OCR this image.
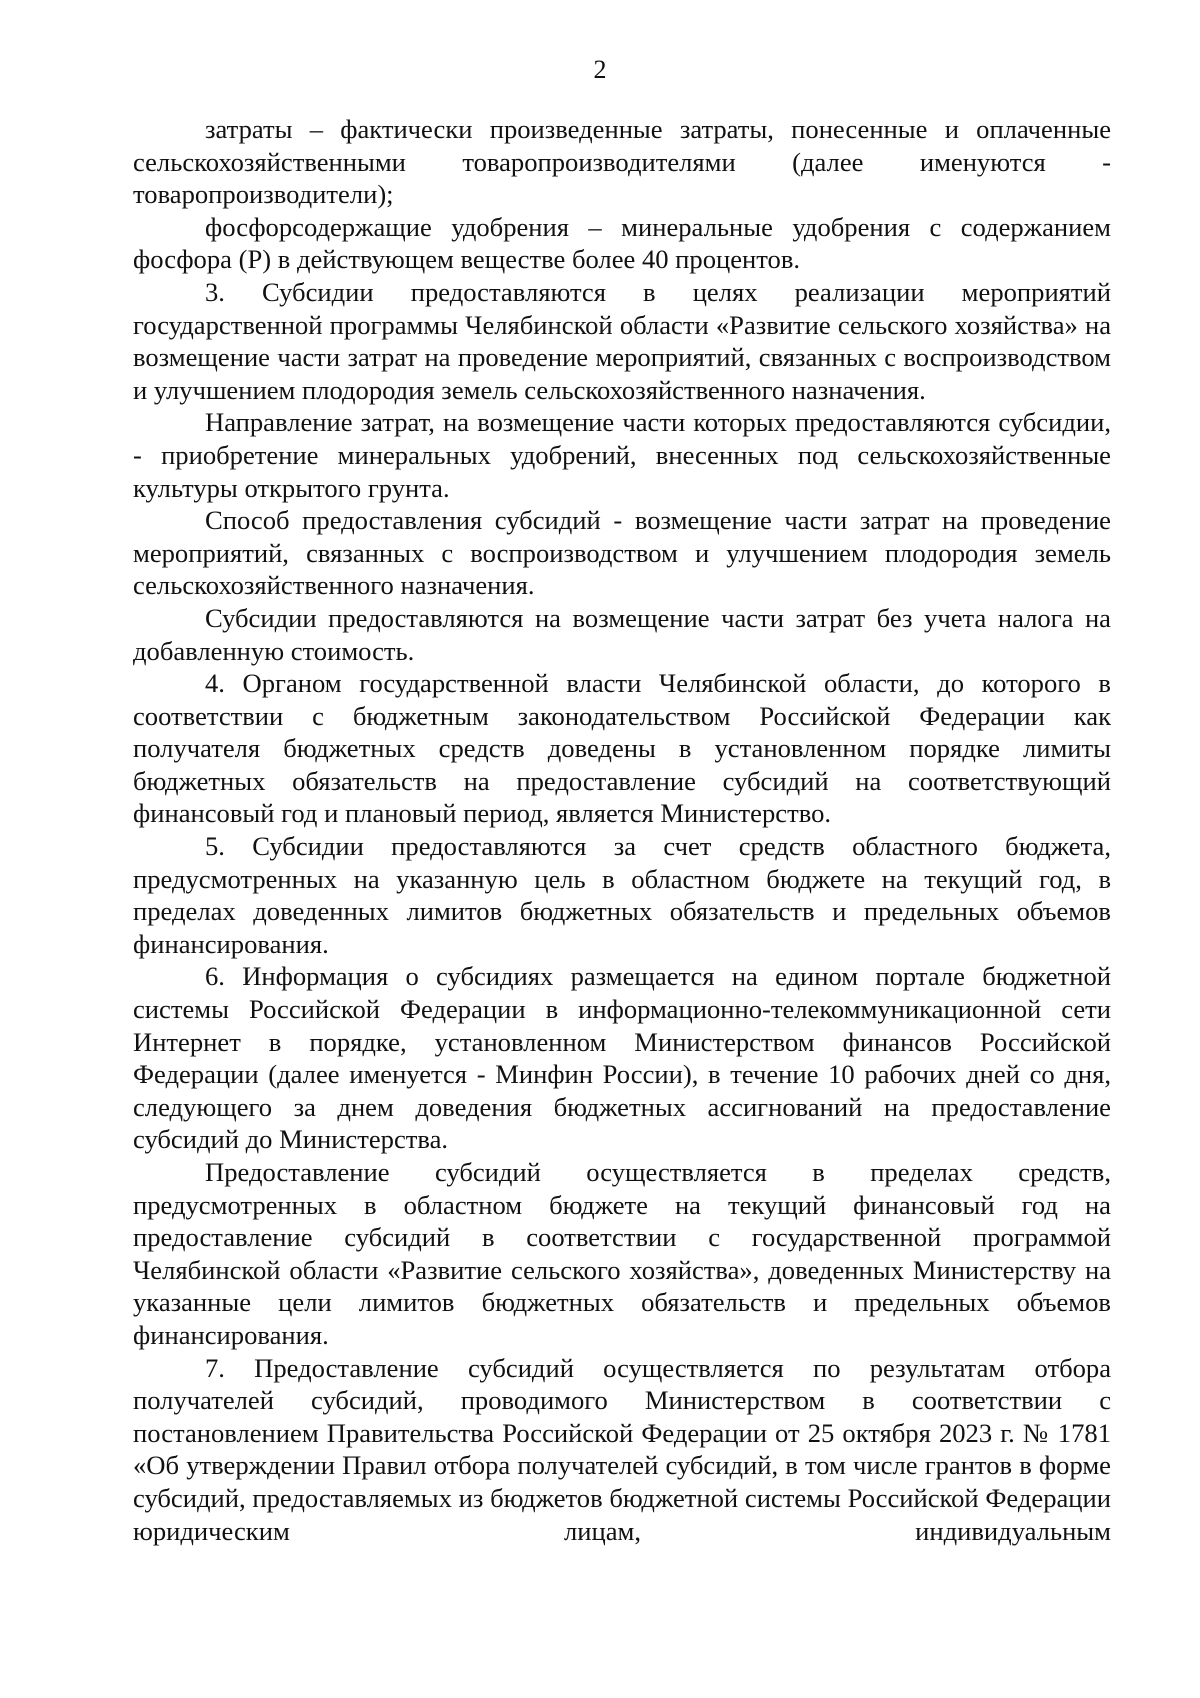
2

затраты – фактически произведенные затраты, понесенные и оплаченные сельскохозяйственными товаропроизводителями (далее именуются - товаропроизводители);

фосфорсодержащие удобрения – минеральные удобрения с содержанием фосфора (P) в действующем веществе более 40 процентов.

3. Субсидии предоставляются в целях реализации мероприятий государственной программы Челябинской области «Развитие сельского хозяйства» на возмещение части затрат на проведение мероприятий, связанных с воспроизводством и улучшением плодородия земель сельскохозяйственного назначения.

Направление затрат, на возмещение части которых предоставляются субсидии, - приобретение минеральных удобрений, внесенных под сельскохозяйственные культуры открытого грунта.

Способ предоставления субсидий - возмещение части затрат на проведение мероприятий, связанных с воспроизводством и улучшением плодородия земель сельскохозяйственного назначения.

Субсидии предоставляются на возмещение части затрат без учета налога на добавленную стоимость.

4. Органом государственной власти Челябинской области, до которого в соответствии с бюджетным законодательством Российской Федерации как получателя бюджетных средств доведены в установленном порядке лимиты бюджетных обязательств на предоставление субсидий на соответствующий финансовый год и плановый период, является Министерство.

5. Субсидии предоставляются за счет средств областного бюджета, предусмотренных на указанную цель в областном бюджете на текущий год, в пределах доведенных лимитов бюджетных обязательств и предельных объемов финансирования.

6. Информация о субсидиях размещается на едином портале бюджетной системы Российской Федерации в информационно-телекоммуникационной сети Интернет в порядке, установленном Министерством финансов Российской Федерации (далее именуется - Минфин России), в течение 10 рабочих дней со дня, следующего за днем доведения бюджетных ассигнований на предоставление субсидий до Министерства.

Предоставление субсидий осуществляется в пределах средств, предусмотренных в областном бюджете на текущий финансовый год на предоставление субсидий в соответствии с государственной программой Челябинской области «Развитие сельского хозяйства», доведенных Министерству на указанные цели лимитов бюджетных обязательств и предельных объемов финансирования.

7. Предоставление субсидий осуществляется по результатам отбора получателей субсидий, проводимого Министерством в соответствии с постановлением Правительства Российской Федерации от 25 октября 2023 г. № 1781 «Об утверждении Правил отбора получателей субсидий, в том числе грантов в форме субсидий, предоставляемых из бюджетов бюджетной системы Российской Федерации юридическим лицам, индивидуальным
